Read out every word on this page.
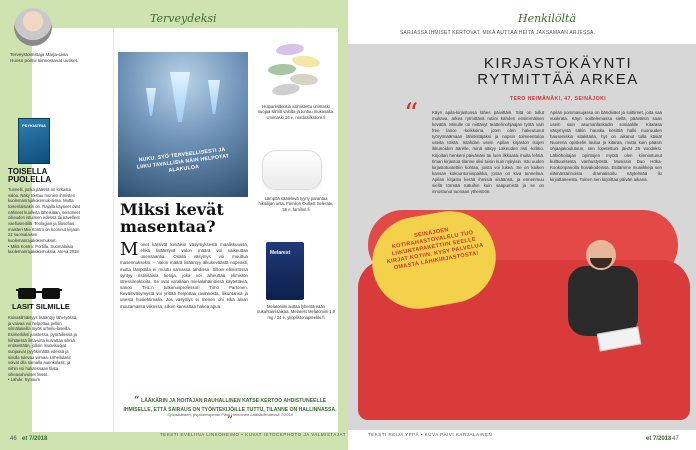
Terveydeksi
Terveystoimittaja Marja-Liisa Huoso poimii kiinnostavat uutiset.
PSYKIATRIA
TOISELLA PUOLELLA
Tunnelli, jonka päässä on kirkasta valoa. Näky toistuu monien ihmisten kuolemanrajakokemuk-sissa. Mutta toisenlaisiakin on. Rajalla käyneet ovat nähneet kuolleita läheisiään, seisoneet oikeuden istuimen edessä tai kävelleet vaellusreitillä. Teologian ja filosofian maisteri Mia Kontro on koonnut kirjaan 22 suomalaisen kuolemanrajakokemukset.
• Mikä Kontro: Portilla. Suomalaisia kuolemanrajakokemuksia. Atena 2018
LASIT SILMILLE
Kuivasilmäisyys lisääntyy lähi-työssä, ja vaivaa voi helpottaa pelkin silmälaseilla myös urheilu-laseilla. Esimerkiksi juostessa, pyöräillessä ja hiihtäessä ilma-virta kuivattaa silmiä entisestään, jolloin muovisuojat suojaavat pyyhkimättä edessä ja sivulla tulevaa viimaa. Urheilulasit voivat olla samalla aurinkolasit, ja niihin voi halutessaan tilata oikeavahvuiset linssit.
• Lähde: Synoum
NUKU. SYÖ TERVEELLISESTI JA LIIKU TAVALLISIA NÄIN HELPOTAT ALAKULOA
Miksi kevät masentaa?
M onet kärsivät keväisin väsymyksestä maaliskuussa, ehkä lisääntyvä valon määrä voi vaikeuttaa unensaantia. Osalla väsymys voi muuttua masennukseksi. – Valon määrä lisääntyy alkukeväästä nopeasti, mutta lämpötila ei muutu samassa tahdissa. Silloin elimistössä syntyy ristiriitaisia tietoja, joka voi aiheuttaa elimistön stressireaktioita. Se ovat varallaan mielialahäiriöissä käytettäviä, sanoo THL:n tutkimusprofessori Timo Partonen. Keväinväsymystä voi yrittää helpottaa ravinnosta, liikuntansa ja unesta huolehtimalla. Jos väsymys ei menen ohi eikä aivan muutamassa viikossa, silloin kannattaa hakea apua.
Hulpariisilkkisiä valmistettu unimaski suojaa silmiä valolta ja tuntuu mukavalta. Unimaski 16 e, nordicsilkstore.fi
Lämpöä säätelevä tyyny parantaa hikoilijan unta. Familon Outlast Selerate, 56 e, familon.fi
Melarest
Melatoniini auttaa lyhentämään nukahtamisaikaa. Melarest Melatoniini 1,9 mg / 34 e, ylioplistonapteekki.fi
“ LÄÄKÄRIN JA HOITAJAN RAUHALLINEN KATSE KERTOO AHDISTUNEELLE IHMISELLE, ETTÄ SAIRAUS ON TYÖNTEKIJÖILLE TUTTU, TILANNE ON HALLINNASSA. ”
Sylvääläisten, psykoterapeutti Päivi Heimonen Lääkärilehdessä 7/2018
46 et 7/2018
TEKSTI EVELIINA LINKOHEIMO • KUVAT ISTOCKPHOTO JA VALMISTAJAT
Henkilöltä
SARJASSA IHMISET KERTOVAT, MIKÄ AUTTAA HEITÄ JAKSAMAAN ARJESSA.
KIRJASTOKÄYNTI RYTMITTÄÄ ARKEA
TERO HEIMÄNÄKI, 47, SEINÄJOKI
“	Käyn apila-kirjastossa lähes päivittäin. Sitä on tullut mukava, arkea rytmittävä rutiini kahden ensimmäisen kevätlä. Minulle on niittänyt teatterinohjaajan työtä vain free lance -keikkoina, joten olen hakeutunut työrytmäämaan lähiöistäjäksi ja napsin toimeentuloa useita töistä. Istahdan usein Apilan kirjaston isojen ikkunoiden äärelle, minä näkyy Lakeuden risti -kirkko. Kirjoitan henkeni päivänäni tai luen ilkkaatai muita lehtiä. Ilman kirjastoa tilanne olisi toisin kuin nykyisin. Istu uuden kirjastotuotettiin kohtaa, joista voi lukea. Se on kaiken kansan kokoontumispaikka, jossa on kiva tunnelma. Apilan kirjasto kerää ihmisiä sisäänsä, ja ennenmuu siellä törmää tuttuihin kuin saapumistä ja se on innostunut tuonaan ytheisöön.
Apilan pommasujassa on bändiväet ja soittimet, joita saa vuokrata. Käyn soittelemassa siellä, pääväisin saan usein sain asumanlaskadin sosiaalille. Kitarasa väsymystä säkin hauska kesittiä halki nuoruuden hauseniskin sitakitarla, hyt on aikanut tulla käsiä! Nuorena opiskelin laulua ja kitaraa, mutta kuin pääsin ohjaajakoulutuun, sen lopetettuni jäivät 25 vuodeksi. Lähiöhoitajan opintojen myötä olen kiinnostunut kulttuurisesta vanhustyöstä. Musissin Duo Höka-Kookonpanolla hoivakodeissa. Esitämme musiikkeja sen elämäntarinoista dramatisoitu näytelmää ilo kirjoittaneesta. Toinen sen kirjoittaa päivän aikana.
SEINÄJOEN KOTIRAHASTOVALELU TUO LIIKUNTAPAKETTIIN SEELLE KIRJAT KOTIIN. KYSY PALVELUA OMASTA LÄHIKIRJASTOSTA!
TEKSTI REIJA YPPÄ • KUVA PÄIVI KARJALAINEN
et 7/2018 47
